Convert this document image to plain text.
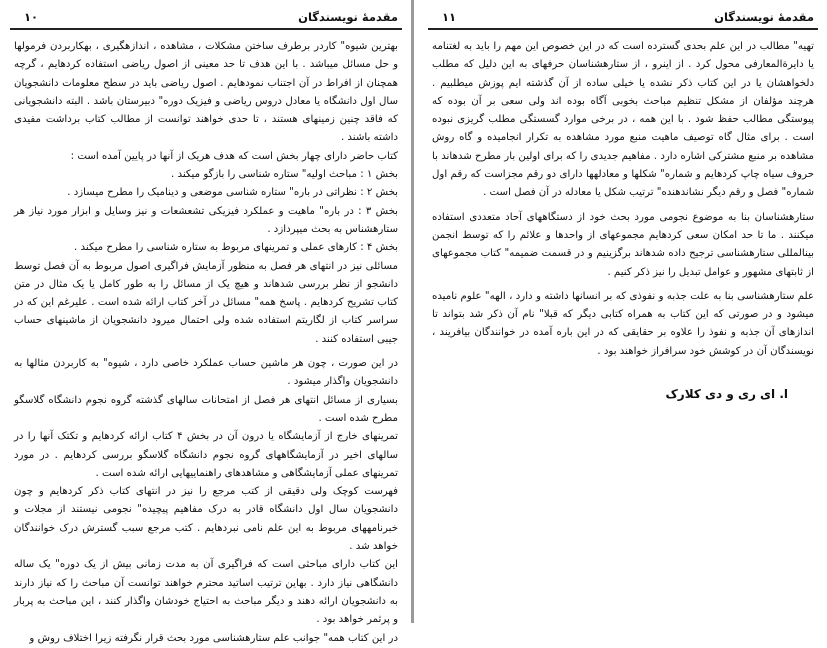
مقدمهٔ نویسندگان
۱۰

بهترین شیوه" کاردر برطرف ساختن مشکلات ، مشاهده ، اندازهگیری ، بهکاربردن فرمولها و حل مسائل میباشد . با این هدف تا حد معینی از اصول ریاضی استفاده کردهایم ، گرچه همچنان از افراط در آن اجتناب نمودهایم . اصول ریاضی باید در سطح معلومات دانشجویان سال اول دانشگاه یا معادل دروس ریاضی و فیزیک دوره" دبیرستان باشد . البته دانشجویانی که فاقد چنین زمینهای هستند ، تا حدی خواهند توانست از مطالب کتاب برداشت مفیدی داشته باشند .

کتاب حاضر دارای چهار بخش است که هدف هریک از آنها در پایین آمده است :

بخش ۱ : مباحث اولیه" ستاره شناسی را بازگو میکند .

بخش ۲ : نظراتی در باره" ستاره شناسی موضعی و دینامیک را مطرح میسازد .

بخش ۳ : در باره" ماهیت و عملکرد فیزیکی تشعشعات و نیز وسایل و ابزار مورد نیاز هر ستارهشناس به بحث میپردازد .

بخش ۴ : کارهای عملی و تمرینهای مربوط به ستاره شناسی را مطرح میکند .

مسائلی نیز در انتهای هر فصل به منظور آزمایش فراگیری اصول مربوط به آن فصل توسط دانشجو از نظر بررسی شدهاند و هیچ یک از مسائل را به طور کامل یا یک مثال در متن کتاب تشریح کردهایم . پاسخ همه" مسائل در آخر کتاب ارائه شده است . علیرغم این که در سراسر کتاب از لگاریتم استفاده شده ولی احتمال میرود دانشجویان از ماشینهای حساب جیبی استفاده کنند .

در این صورت ، چون هر ماشین حساب عملکرد خاصی دارد ، شیوه" به کاربردن مثالها به دانشجویان واگذار میشود .

بسیاری از مسائل انتهای هر فصل از امتحانات سالهای گذشته گروه نجوم دانشگاه گلاسگو مطرح شده است .

تمرینهای خارج از آزمایشگاه یا درون آن در بخش ۴ کتاب ارائه کردهایم و تکتک آنها را در سالهای اخیر در آزمایشگاههای گروه نجوم دانشگاه گلاسگو بررسی کردهایم . در مورد تمرینهای عملی آزمایشگاهی و مشاهدهای راهنماییهایی ارائه شده است .

فهرست کوچک ولی دقیقی از کتب مرجع را نیز در انتهای کتاب ذکر کردهایم و چون دانشجویان سال اول دانشگاه قادر به درک مفاهیم پیچیده" نجومی نیستند از مجلات و خبرنامههای مربوط به این علم نامی نبردهایم . کتب مرجع سبب گسترش درک خوانندگان خواهد شد .

این کتاب دارای مباحثی است که فراگیری آن به مدت زمانی بیش از یک دوره" یک ساله دانشگاهی نیاز دارد . بهاین ترتیب اساتید محترم خواهند توانست آن مباحث را که نیاز دارند به دانشجویان ارائه دهند و دیگر مباحث به احتیاج خودشان واگذار کنند ، این مباحث به پربار و پرثمر خواهد بود .

در این کتاب همه" جوانب علم ستارهشناسی مورد بحث قرار نگرفته زیرا اختلاف روش و

مقدمهٔ نویسندگان
۱۱

تهیه" مطالب در این علم بحدی گسترده است که در این خصوص این مهم را باید به لغتنامه یا دایرةالمعارفی محول کرد . از اینرو ، از ستارهشناسان حرفهای به این دلیل که مطلب دلخواهشان یا در این کتاب ذکر نشده یا خیلی ساده از آن گذشته ایم پوزش میطلبیم . هرچند مؤلفان از مشکل تنظیم مباحث بخوبی آگاه بوده اند ولی سعی بر آن بوده که پیوستگی مطالب حفظ شود . با این همه ، در برخی موارد گسستگی مطلب گریزی نبوده است . برای مثال گاه توصیف ماهیت منبع مورد مشاهده به تکرار انجامیده و گاه روش مشاهده بر منبع مشترکی اشاره دارد . مفاهیم جدیدی را که برای اولین بار مطرح شدهاند با حروف سیاه چاپ کردهایم و شماره" شکلها و معادلهها دارای دو رقم مجزاست که رقم اول شماره" فصل و رقم دیگر نشاندهنده" ترتیب شکل یا معادله در آن فصل است .

ستارهشناسان بنا به موضوع نجومی مورد بحث خود از دستگاههای آحاد متعددی استفاده میکنند . ما تا حد امکان سعی کردهایم مجموعهای از واحدها و علائم را که توسط انجمن بینالمللی ستارهشناسی ترجیح داده شدهاند برگزینیم و در قسمت ضمیمه" کتاب مجموعهای از ثابتهای مشهور و عوامل تبدیل را نیز ذکر کنیم .

علم ستارهشناسی بنا به علت جذبه و نفوذی که بر انسانها داشته و دارد ، الهه" علوم نامیده میشود و در صورتی که این کتاب به همراه کتابی دیگر که قبلا" نام آن ذکر شد بتواند تا اندازهای آن جذبه و نفوذ را علاوه بر حقایقی که در این باره آمده در خوانندگان بیافریند ، نویسندگان آن در کوشش خود سرافراز خواهند بود .

ا. ای ری و دی کلارک
